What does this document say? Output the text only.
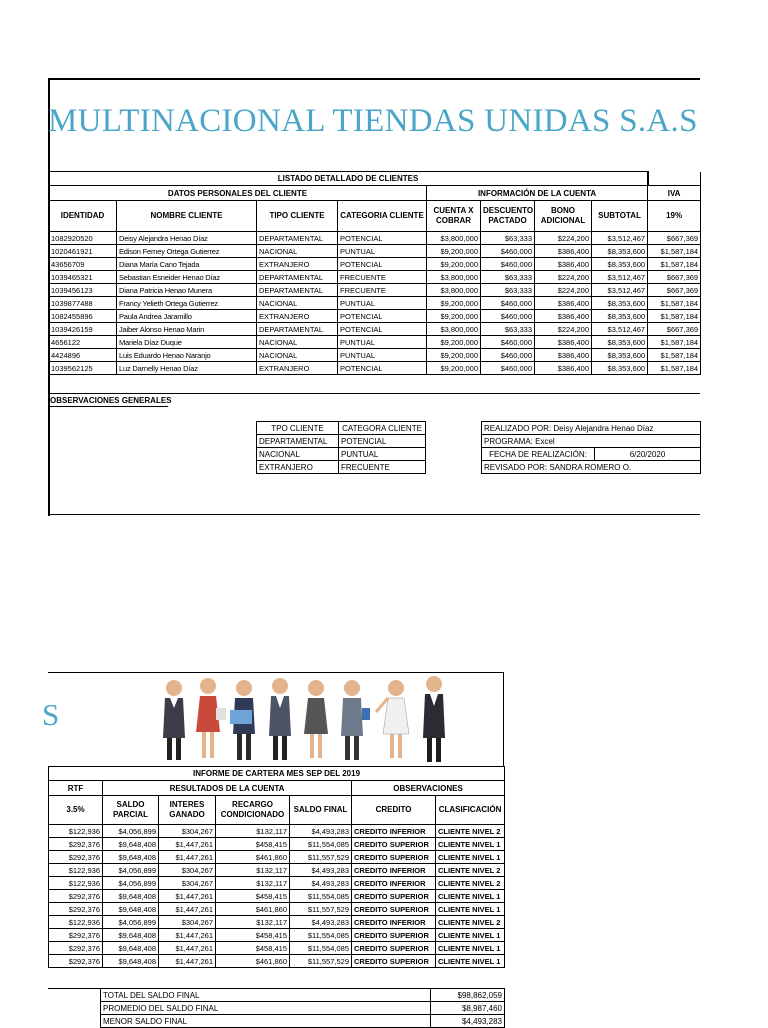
MULTINACIONAL TIENDAS UNIDAS S.A.S
LISTADO DETALLADO DE CLIENTES								
DATOS PERSONALES DEL CLIENTE				INFORMACIÓN DE LA CUENTA				IVA
IDENTIDAD	NOMBRE CLIENTE	TIPO CLIENTE	CATEGORIA CLIENTE	CUENTA X COBRAR	DESCUENTO PACTADO	BONO ADICIONAL	SUBTOTAL	19%
1082920520	Deisy Alejandra Henao Díaz	DEPARTAMENTAL	POTENCIAL	$3,800,000	$63,333	$224,200	$3,512,467	$667,369
1020461921	Edison Ferney Ortega Gutierrez	NACIONAL	PUNTUAL	$9,200,000	$460,000	$386,400	$8,353,600	$1,587,184
43656709	Diana María Cano Tejada	EXTRANJERO	POTENCIAL	$9,200,000	$460,000	$386,400	$8,353,600	$1,587,184
1039465321	Sebastian Esneider Henao Díaz	DEPARTAMENTAL	FRECUENTE	$3,800,000	$63,333	$224,200	$3,512,467	$667,369
1039456123	Diana Patricia Henao Munera	DEPARTAMENTAL	FRECUENTE	$3,800,000	$63,333	$224,200	$3,512,467	$667,369
1039877488	Francy Yelieth Ortega Gutierrez	NACIONAL	PUNTUAL	$9,200,000	$460,000	$386,400	$8,353,600	$1,587,184
1082455896	Paula Andrea Jaramillo	EXTRANJERO	POTENCIAL	$9,200,000	$460,000	$386,400	$8,353,600	$1,587,184
1039426159	Jaiber Alonso Henao Marin	DEPARTAMENTAL	POTENCIAL	$3,800,000	$63,333	$224,200	$3,512,467	$667,369
4656122	Mariela Díaz Duque	NACIONAL	PUNTUAL	$9,200,000	$460,000	$386,400	$8,353,600	$1,587,184
4424896	Luis Eduardo Henao Naranjo	NACIONAL	PUNTUAL	$9,200,000	$460,000	$386,400	$8,353,600	$1,587,184
1039562125	Luz Darnelly Henao Díaz	EXTRANJERO	POTENCIAL	$9,200,000	$460,000	$386,400	$8,353,600	$1,587,184
OBSERVACIONES GENERALES
TPO CLIENTE	CATEGORA CLIENTE
DEPARTAMENTAL	POTENCIAL
NACIONAL	PUNTUAL
EXTRANJERO	FRECUENTE
REALIZADO POR: Deisy Alejandra Henao Díaz
PROGRAMA: Excel
FECHA DE REALIZACIÓN:	6/20/2020
REVISADO POR: SANDRA ROMERO O.
S
INFORME DE CARTERA MES SEP DEL 2019						
RTF	RESULTADOS DE LA CUENTA				OBSERVACIONES	
3.5%	SALDO PARCIAL	INTERES GANADO	RECARGO CONDICIONADO	SALDO FINAL	CREDITO	CLASIFICACIÓN
$122,936	$4,056,899	$304,267	$132,117	$4,493,283	CREDITO INFERIOR	CLIENTE NIVEL 2
$292,376	$9,648,408	$1,447,261	$458,415	$11,554,085	CREDITO SUPERIOR	CLIENTE NIVEL 1
$292,376	$9,648,408	$1,447,261	$461,860	$11,557,529	CREDITO SUPERIOR	CLIENTE NIVEL 1
$122,936	$4,056,899	$304,267	$132,117	$4,493,283	CREDITO INFERIOR	CLIENTE NIVEL 2
$122,936	$4,056,899	$304,267	$132,117	$4,493,283	CREDITO INFERIOR	CLIENTE NIVEL 2
$292,376	$9,648,408	$1,447,261	$458,415	$11,554,085	CREDITO SUPERIOR	CLIENTE NIVEL 1
$292,376	$9,648,408	$1,447,261	$461,860	$11,557,529	CREDITO SUPERIOR	CLIENTE NIVEL 1
$122,936	$4,056,899	$304,267	$132,117	$4,493,283	CREDITO INFERIOR	CLIENTE NIVEL 2
$292,376	$9,648,408	$1,447,261	$458,415	$11,554,085	CREDITO SUPERIOR	CLIENTE NIVEL 1
$292,376	$9,648,408	$1,447,261	$458,415	$11,554,085	CREDITO SUPERIOR	CLIENTE NIVEL 1
$292,376	$9,648,408	$1,447,261	$461,860	$11,557,529	CREDITO SUPERIOR	CLIENTE NIVEL 1
TOTAL DEL SALDO FINAL	$98,862,059
PROMEDIO DEL SALDO FINAL	$8,987,460
MENOR SALDO FINAL	$4,493,283
